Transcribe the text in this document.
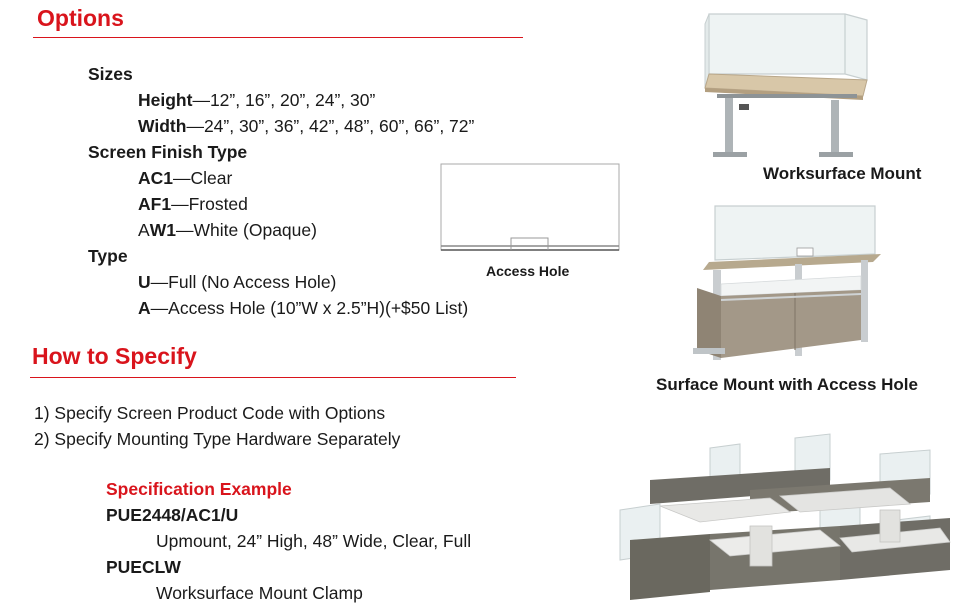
Options
Sizes
Height—12”, 16”, 20”, 24”, 30”
Width—24”, 30”, 36”, 42”, 48”, 60”, 66”, 72”
Screen Finish Type
AC1—Clear
AF1—Frosted
AW1—White (Opaque)
Type
U—Full (No Access Hole)
A—Access Hole (10”W x 2.5”H)(+$50 List)
Access Hole
How to Specify
1) Specify Screen Product Code with Options
2) Specify Mounting Type Hardware Separately
Specification Example
PUE2448/AC1/U
Upmount, 24” High, 48” Wide, Clear, Full
PUECLW
Worksurface Mount Clamp
Worksurface Mount
Surface Mount with Access Hole
